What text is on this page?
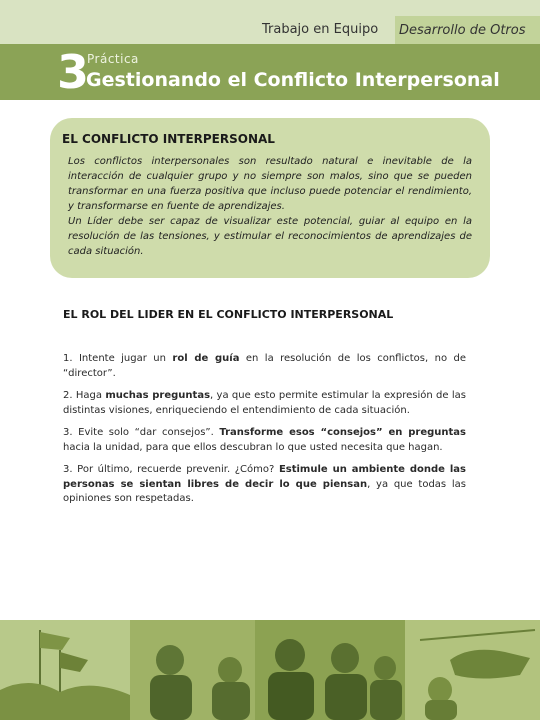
Trabajo en Equipo	Desarrollo de Otros
3
Práctica
Gestionando el Conflicto Interpersonal
EL CONFLICTO INTERPERSONAL

Los conflictos interpersonales son resultado natural e inevitable de la interacción de cualquier grupo y no siempre son malos, sino que se pueden transformar en una fuerza positiva que incluso puede potenciar el rendimiento, y transformarse en fuente de aprendizajes.

Un Líder debe ser capaz de visualizar este potencial, guiar al equipo en la resolución de las tensiones, y estimular el reconocimientos de aprendizajes de cada situación.

EL ROL DEL LIDER EN EL CONFLICTO INTERPERSONAL

1. Intente jugar un rol de guía en la resolución de los conflictos, no de “director”.

2. Haga muchas preguntas, ya que esto permite estimular la expresión de las distintas visiones, enriqueciendo el entendimiento de cada situación.

3. Evite solo “dar consejos”. Transforme esos “consejos” en preguntas hacia la unidad, para que ellos descubran lo que usted necesita que hagan.

3. Por último, recuerde prevenir. ¿Cómo? Estimule un ambiente donde las personas se sientan libres de decir lo que piensan, ya que todas las opiniones son respetadas.
